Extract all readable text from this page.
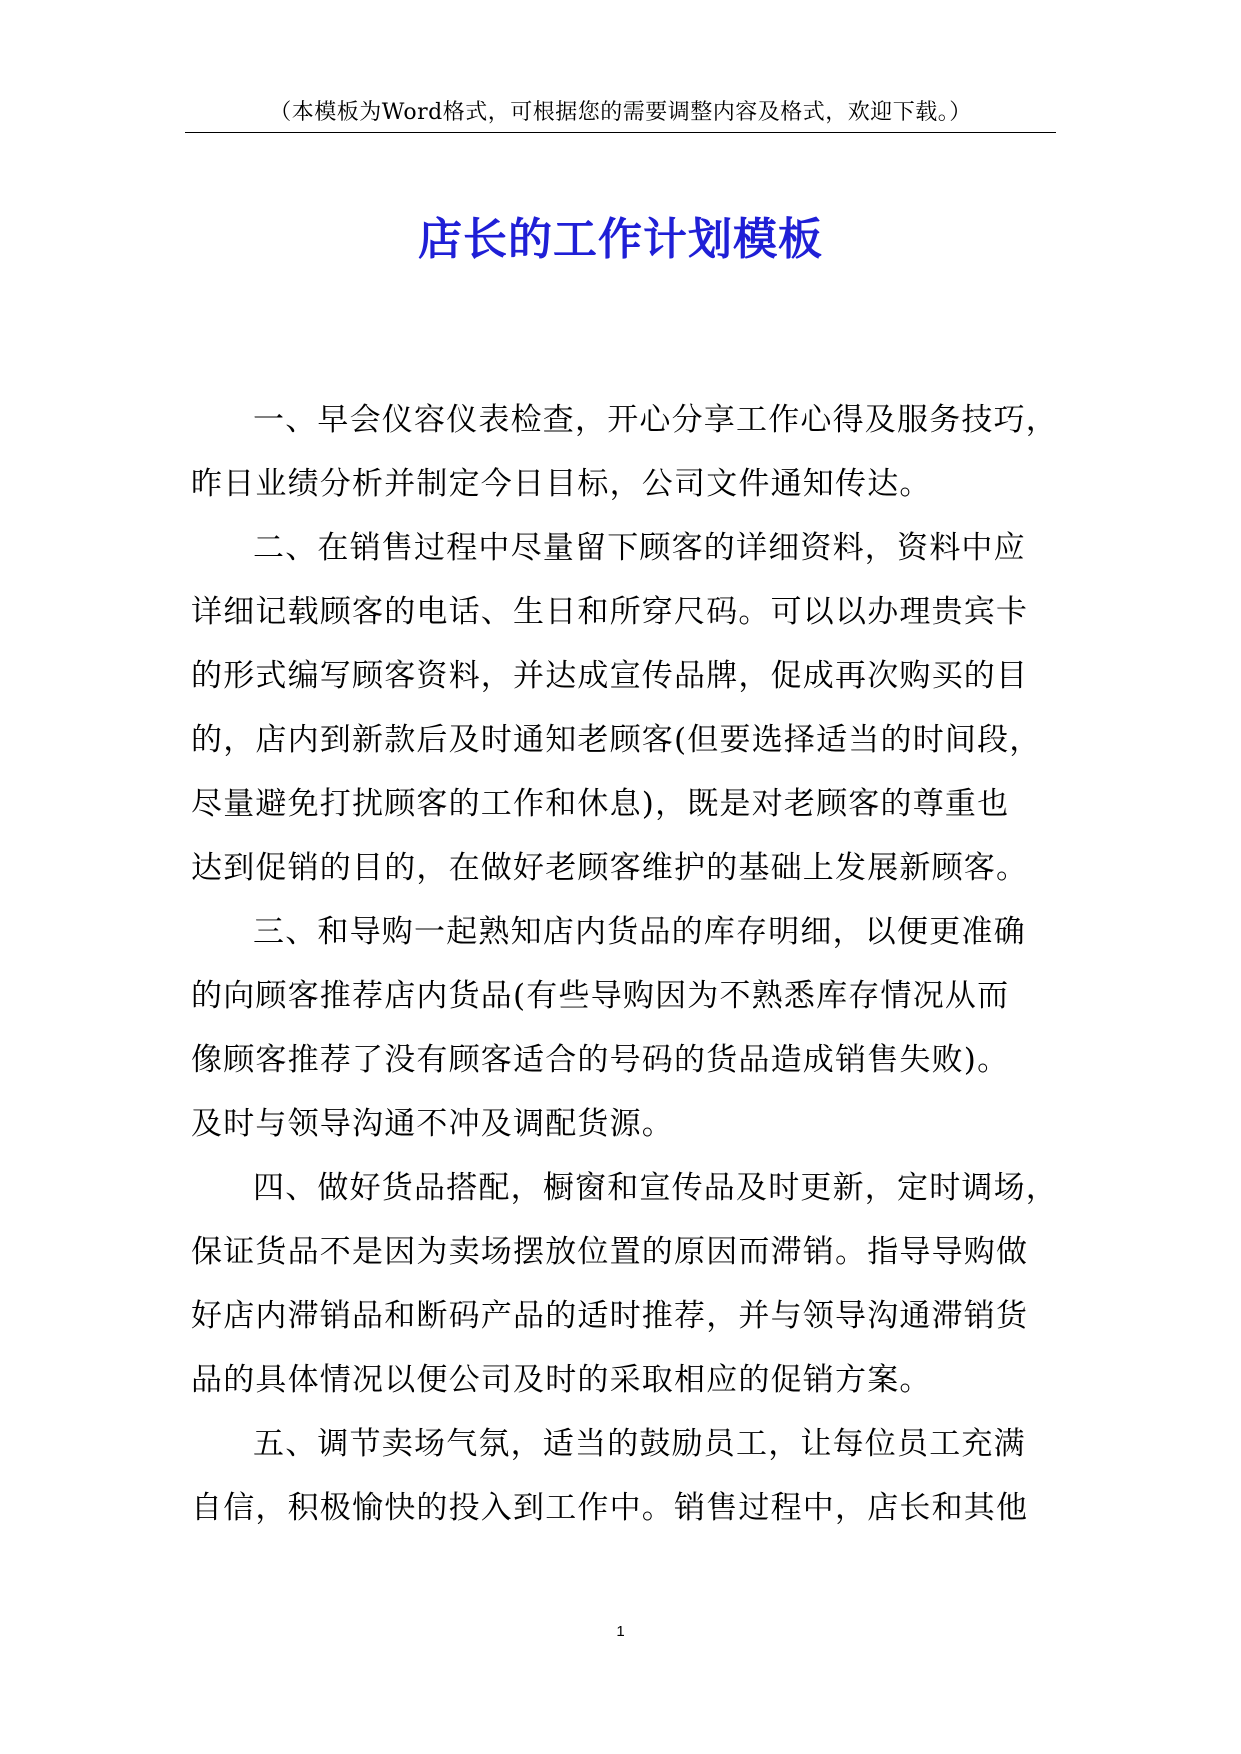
（本模板为Word格式，可根据您的需要调整内容及格式，欢迎下载。）
店长的工作计划模板
一、早会仪容仪表检查，开心分享工作心得及服务技巧，
昨日业绩分析并制定今日目标，公司文件通知传达。
二、在销售过程中尽量留下顾客的详细资料，资料中应
详细记载顾客的电话、生日和所穿尺码。可以以办理贵宾卡
的形式编写顾客资料，并达成宣传品牌，促成再次购买的目
的，店内到新款后及时通知老顾客(但要选择适当的时间段，
尽量避免打扰顾客的工作和休息)，既是对老顾客的尊重也
达到促销的目的，在做好老顾客维护的基础上发展新顾客。
三、和导购一起熟知店内货品的库存明细，以便更准确
的向顾客推荐店内货品(有些导购因为不熟悉库存情况从而
像顾客推荐了没有顾客适合的号码的货品造成销售失败)。
及时与领导沟通不冲及调配货源。
四、做好货品搭配，橱窗和宣传品及时更新，定时调场，
保证货品不是因为卖场摆放位置的原因而滞销。指导导购做
好店内滞销品和断码产品的适时推荐，并与领导沟通滞销货
品的具体情况以便公司及时的采取相应的促销方案。
五、调节卖场气氛，适当的鼓励员工，让每位员工充满
自信，积极愉快的投入到工作中。销售过程中，店长和其他
1
